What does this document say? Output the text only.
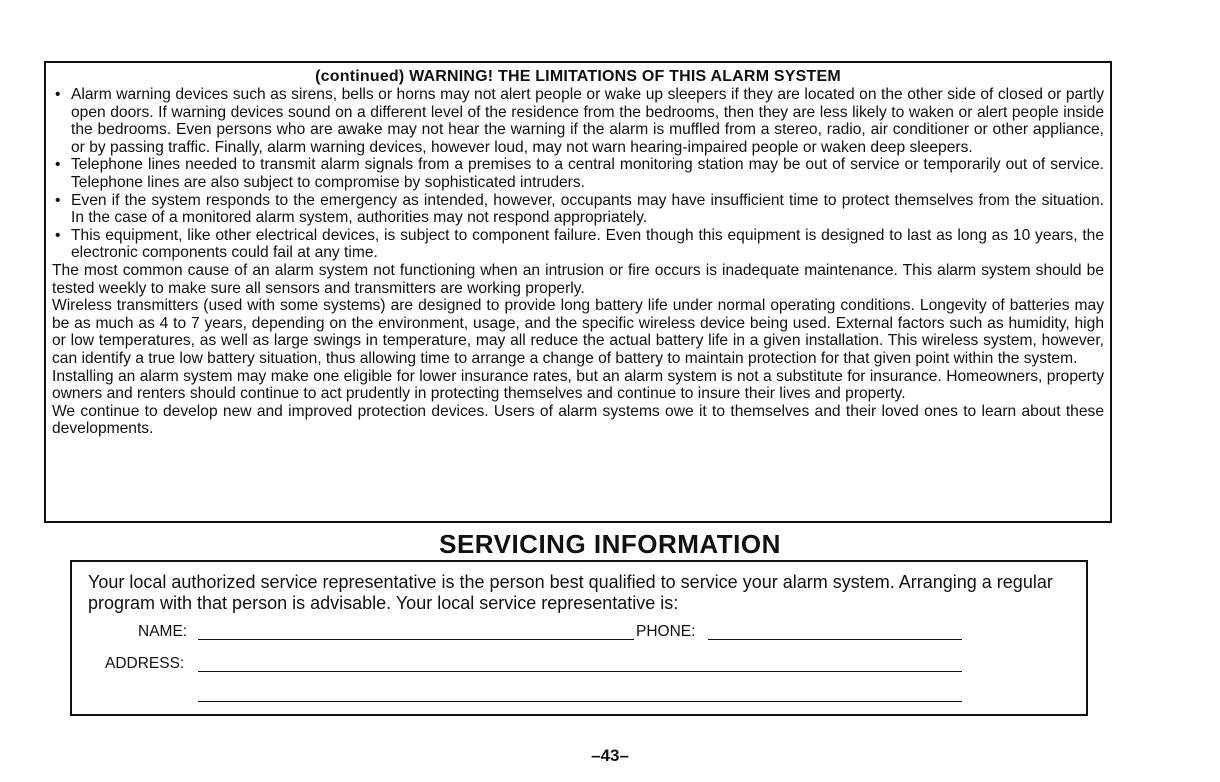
(continued) WARNING! THE LIMITATIONS OF THIS ALARM SYSTEM
• Alarm warning devices such as sirens, bells or horns may not alert people or wake up sleepers if they are located on the other side of closed or partly open doors. If warning devices sound on a different level of the residence from the bedrooms, then they are less likely to waken or alert people inside the bedrooms. Even persons who are awake may not hear the warning if the alarm is muffled from a stereo, radio, air conditioner or other appliance, or by passing traffic. Finally, alarm warning devices, however loud, may not warn hearing-impaired people or waken deep sleepers.
• Telephone lines needed to transmit alarm signals from a premises to a central monitoring station may be out of service or temporarily out of service. Telephone lines are also subject to compromise by sophisticated intruders.
• Even if the system responds to the emergency as intended, however, occupants may have insufficient time to protect themselves from the situation. In the case of a monitored alarm system, authorities may not respond appropriately.
• This equipment, like other electrical devices, is subject to component failure. Even though this equipment is designed to last as long as 10 years, the electronic components could fail at any time.
The most common cause of an alarm system not functioning when an intrusion or fire occurs is inadequate maintenance. This alarm system should be tested weekly to make sure all sensors and transmitters are working properly.
Wireless transmitters (used with some systems) are designed to provide long battery life under normal operating conditions. Longevity of batteries may be as much as 4 to 7 years, depending on the environment, usage, and the specific wireless device being used. External factors such as humidity, high or low temperatures, as well as large swings in temperature, may all reduce the actual battery life in a given installation. This wireless system, however, can identify a true low battery situation, thus allowing time to arrange a change of battery to maintain protection for that given point within the system.
Installing an alarm system may make one eligible for lower insurance rates, but an alarm system is not a substitute for insurance. Homeowners, property owners and renters should continue to act prudently in protecting themselves and continue to insure their lives and property.
We continue to develop new and improved protection devices. Users of alarm systems owe it to themselves and their loved ones to learn about these developments.
SERVICING INFORMATION

Your local authorized service representative is the person best qualified to service your alarm system. Arranging a regular program with that person is advisable. Your local service representative is:

NAME:	PHONE:
ADDRESS:
–43–
